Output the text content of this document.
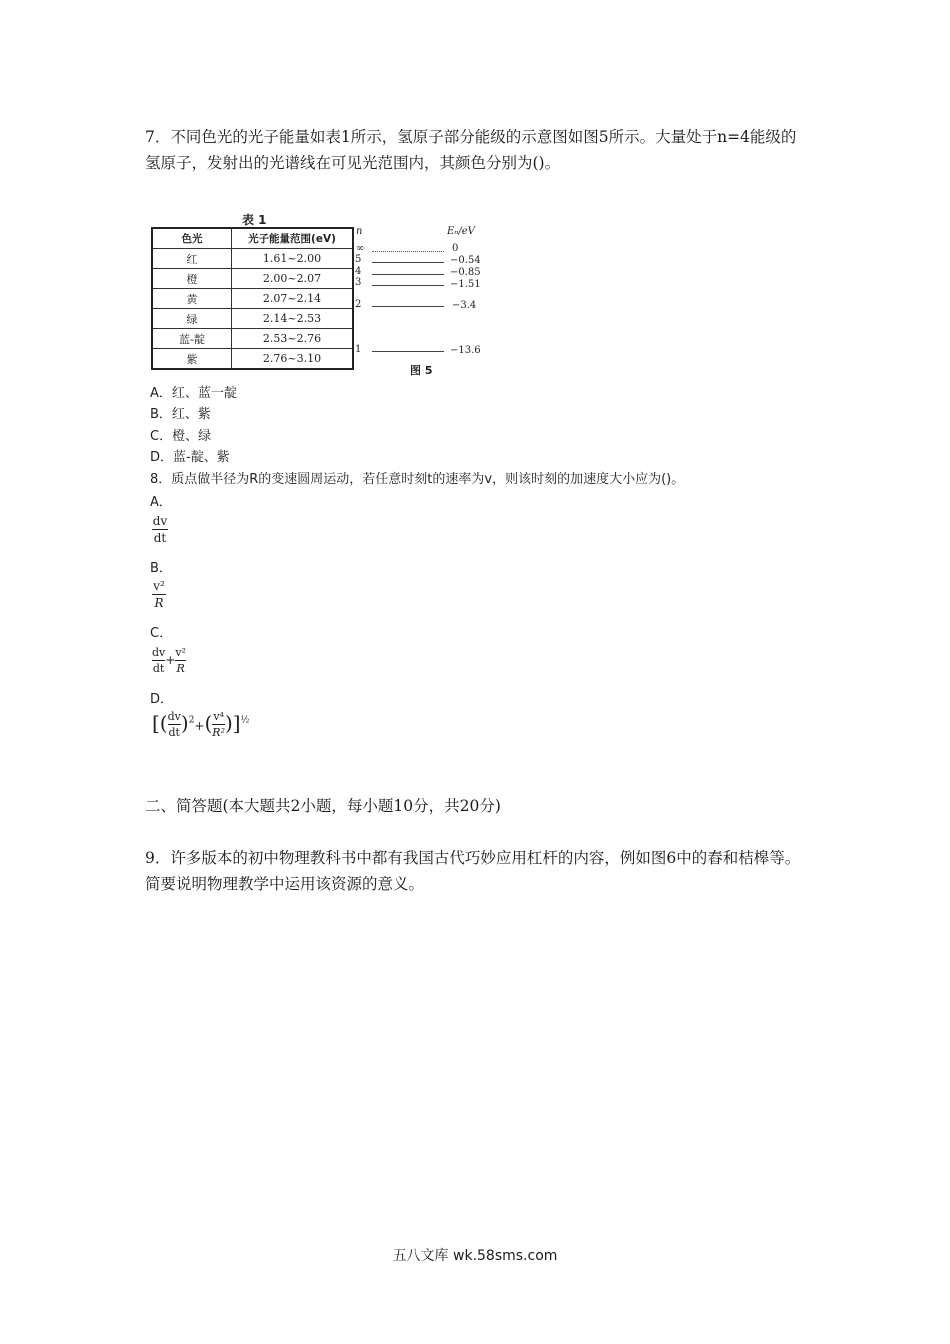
7．不同色光的光子能量如表1所示，氢原子部分能级的示意图如图5所示。大量处于n=4能级的氢原子，发射出的光谱线在可见光范围内，其颜色分别为()。
表 1
色光	光子能量范围(eV)
红	1.61~2.00
橙	2.00~2.07
黄	2.07~2.14
绿	2.14~2.53
蓝-靛	2.53~2.76
紫	2.76~3.10
n	Eₙ/eV
∞	0
5	−0.54
4	−0.85
3	−1.51
2	−3.4
1	−13.6
图 5
A．红、蓝一靛
B．红、紫
C．橙、绿
D．蓝-靛、紫
8．质点做半径为R的变速圆周运动，若任意时刻t的速率为v，则该时刻的加速度大小应为()。
A．
dv
dt
B．
v²
R
C．
$\frac{dv}{dt} + \frac{\text{v²}}{R}$
D．
[( $\frac{dv}{dt} )^2+( \frac{\text{v⁴}}{\text{R²}} )]^{\frac{1}{2}}$
二、简答题(本大题共2小题，每小题10分，共20分)
9．许多版本的初中物理教科书中都有我国古代巧妙应用杠杆的内容，例如图6中的舂和桔槔等。简要说明物理教学中运用该资源的意义。
五八文库 wk.58sms.com
